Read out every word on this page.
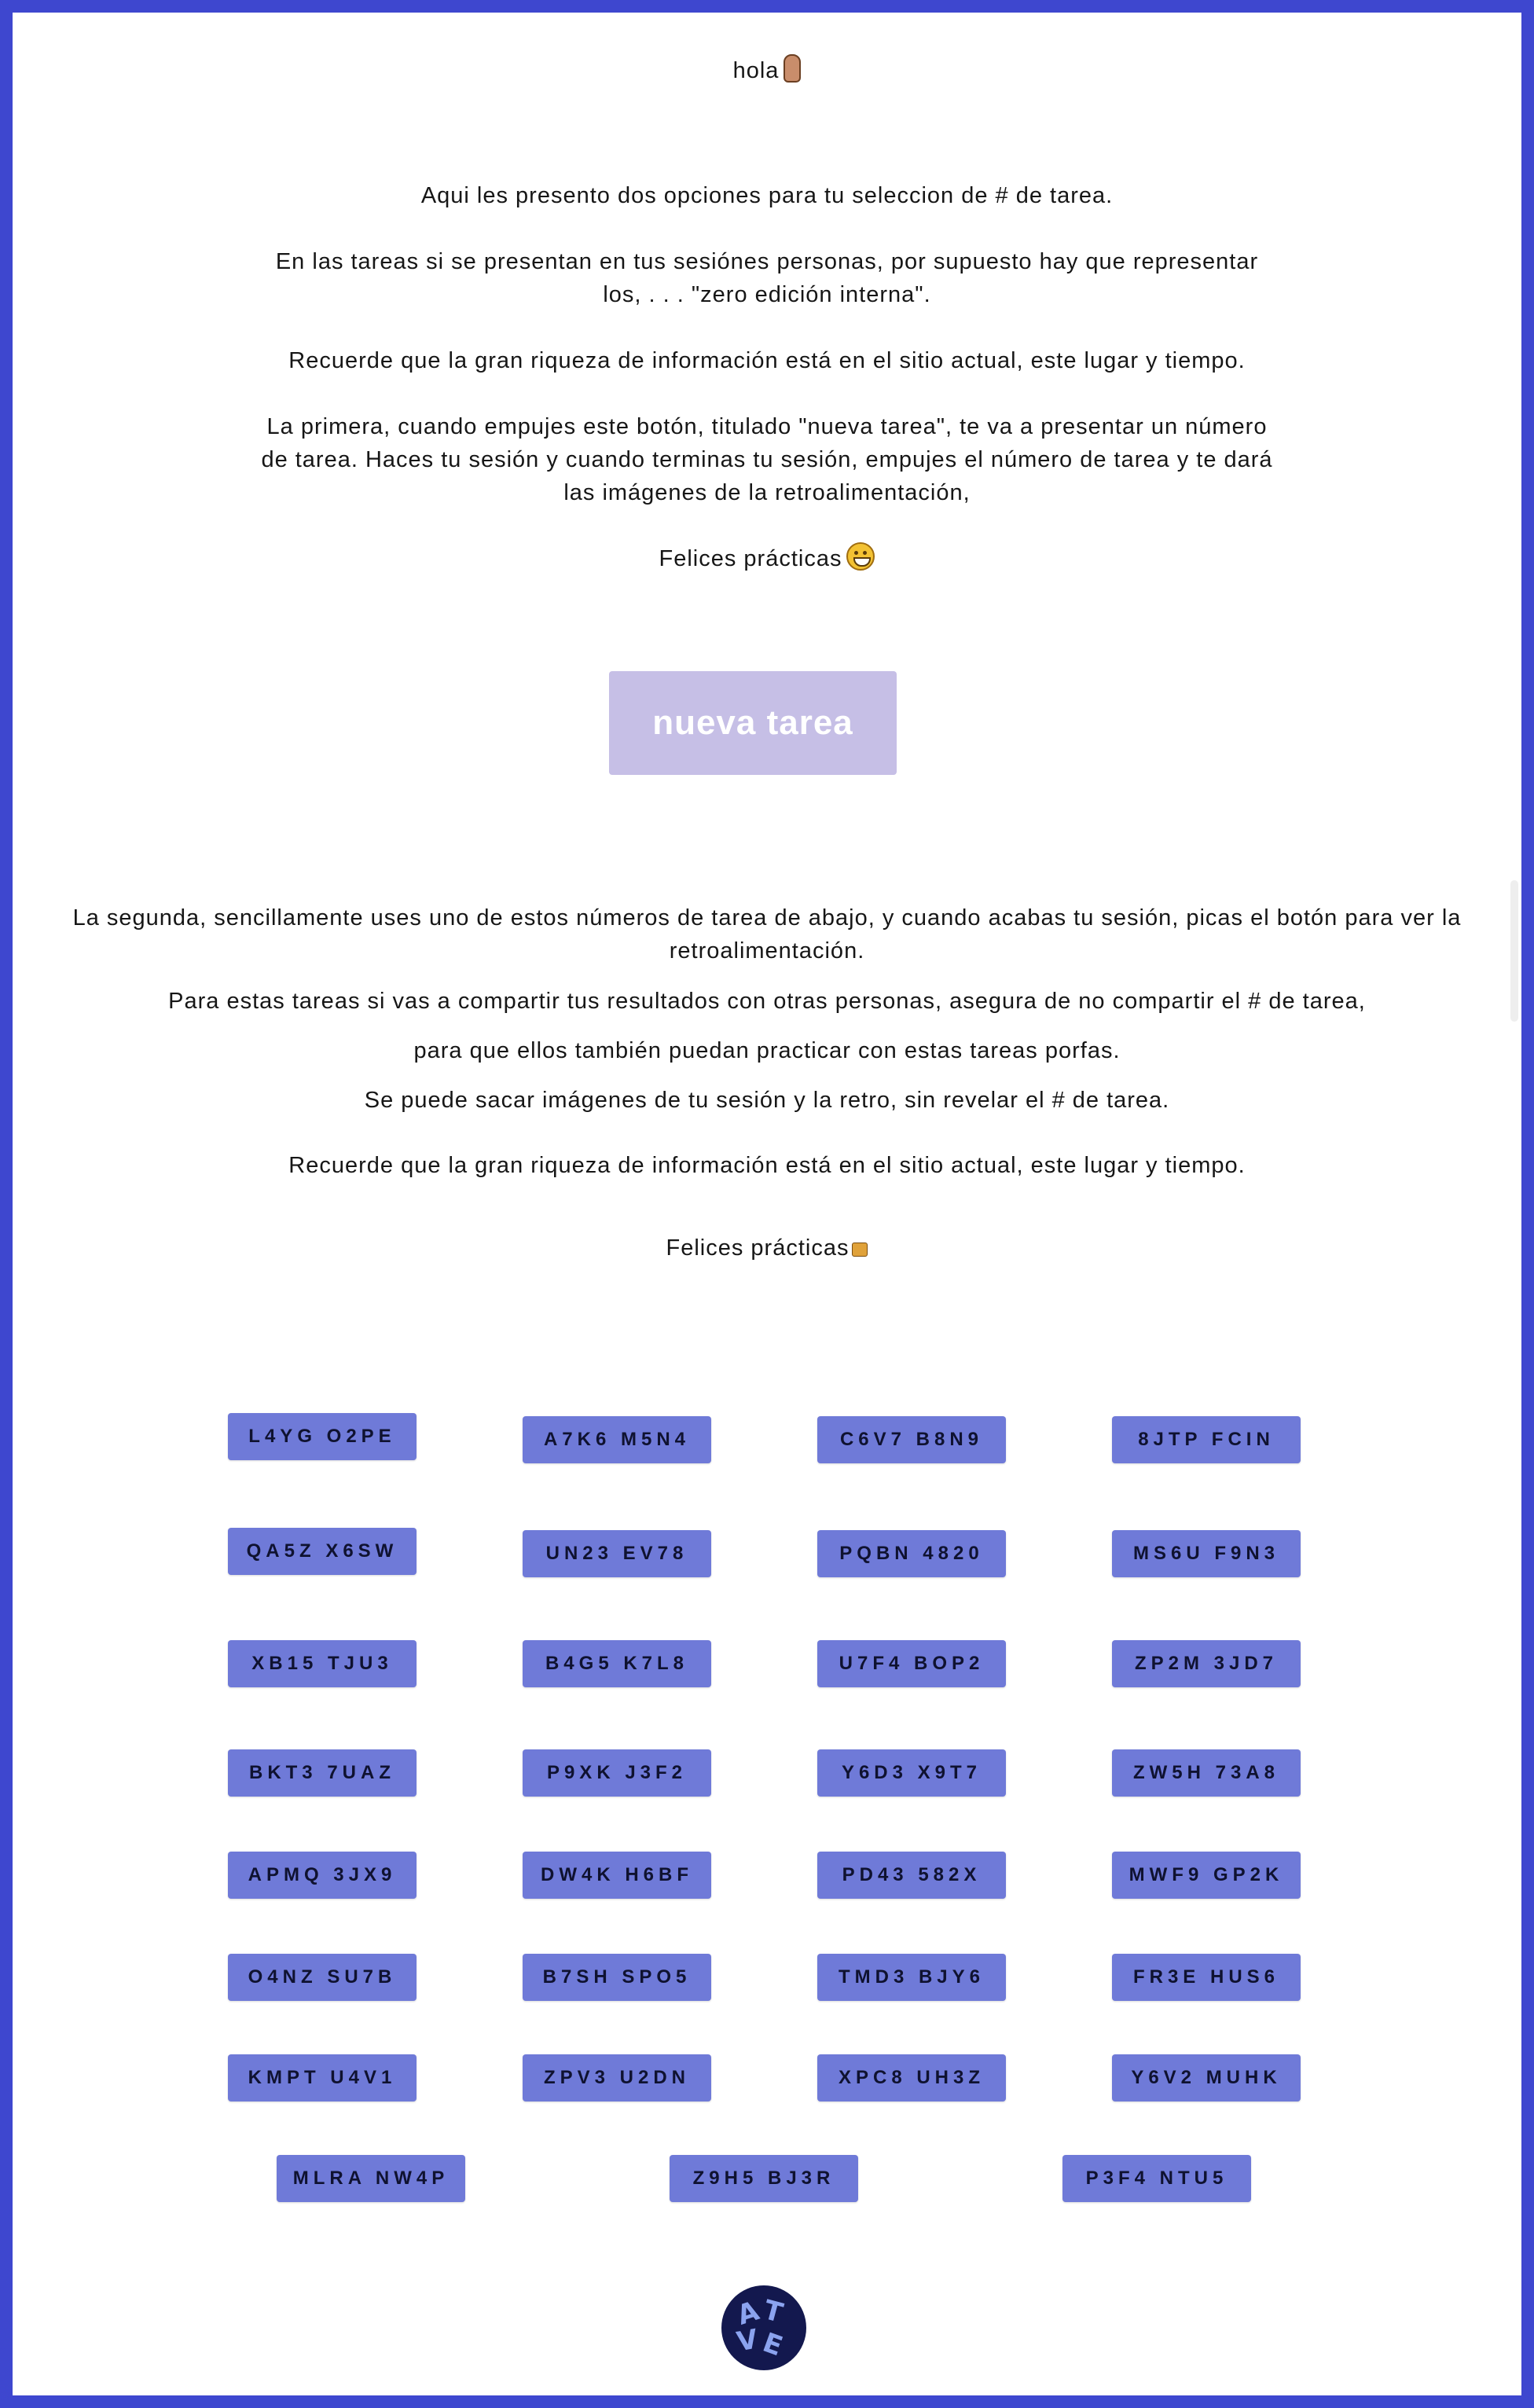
hola
Aqui les presento dos opciones para tu seleccion de # de tarea.
En las tareas si se presentan en tus sesiónes personas, por supuesto hay que representar
los, . . . "zero edición interna".
Recuerde que la gran riqueza de información está en el sitio actual, este lugar y tiempo.
La primera, cuando empujes este botón, titulado "nueva tarea", te va a presentar un número
de tarea. Haces tu sesión y cuando terminas tu sesión, empujes el número de tarea y te dará
las imágenes de la retroalimentación,
Felices prácticas
nueva tarea
La segunda, sencillamente uses uno de estos números de tarea de abajo, y cuando acabas tu sesión, picas el botón para ver la
retroalimentación.
Para estas tareas si vas a compartir tus resultados con otras personas, asegura de no compartir el # de tarea,
para que ellos también puedan practicar con estas tareas porfas.
Se puede sacar imágenes de tu sesión y la retro, sin revelar el # de tarea.
Recuerde que la gran riqueza de información está en el sitio actual, este lugar y tiempo.
Felices prácticas
L4YG O2PE	A7K6 M5N4	C6V7 B8N9	8JTP FCIN
QA5Z X6SW	UN23 EV78	PQBN 4820	MS6U F9N3
XB15 TJU3	B4G5 K7L8	U7F4 BOP2	ZP2M 3JD7
BKT3 7UAZ	P9XK J3F2	Y6D3 X9T7	ZW5H 73A8
APMQ 3JX9	DW4K H6BF	PD43 582X	MWF9 GP2K
O4NZ SU7B	B7SH SPO5	TMD3 BJY6	FR3E HUS6
KMPT U4V1	ZPV3 U2DN	XPC8 UH3Z	Y6V2 MUHK
MLRA NW4P	Z9H5 BJ3R	P3F4 NTU5
A
T
V
E
